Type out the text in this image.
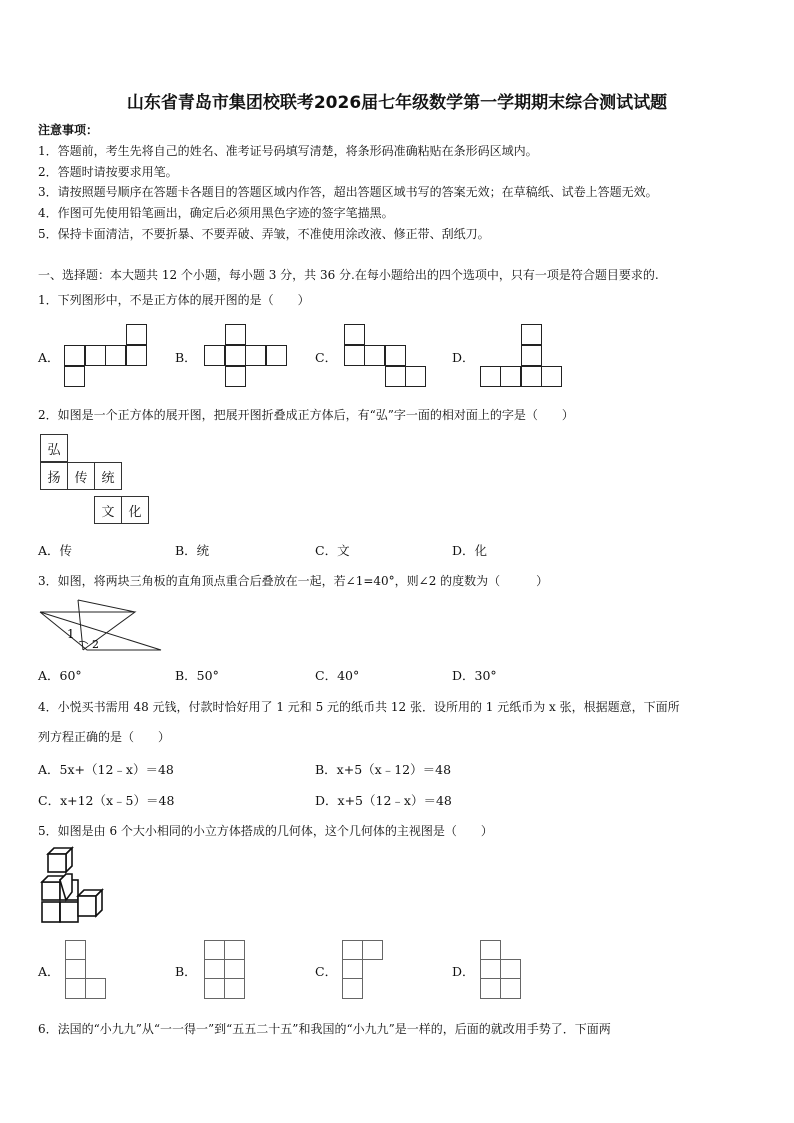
山东省青岛市集团校联考2026届七年级数学第一学期期末综合测试试题
注意事项：
1．答题前，考生先将自己的姓名、准考证号码填写清楚，将条形码准确粘贴在条形码区域内。
2．答题时请按要求用笔。
3．请按照题号顺序在答题卡各题目的答题区域内作答，超出答题区域书写的答案无效；在草稿纸、试卷上答题无效。
4．作图可先使用铅笔画出，确定后必须用黑色字迹的签字笔描黑。
5．保持卡面清洁，不要折暴、不要弄破、弄皱，不准使用涂改液、修正带、刮纸刀。
一、选择题：本大题共 12 个小题，每小题 3 分，共 36 分.在每小题给出的四个选项中，只有一项是符合题目要求的.
1．下列图形中，不是正方体的展开图的是（　　）
A．	B．	C．	D．
2．如图是一个正方体的展开图，把展开图折叠成正方体后，有“弘”字一面的相对面上的字是（　　）
弘
扬	传	统
文	化
A．传	B．统	C．文	D．化
3．如图，将两块三角板的直角顶点重合后叠放在一起，若∠1=40°，则∠2 的度数为（　　　）
1
2
A．60°	B．50°	C．40°	D．30°
4．小悦买书需用 48 元钱，付款时恰好用了 1 元和 5 元的纸币共 12 张．设所用的 1 元纸币为 x 张，根据题意，下面所
列方程正确的是（　　）
A．5x+（12﹣x）＝48	B．x+5（x﹣12）＝48
C．x+12（x﹣5）＝48	D．x+5（12﹣x）＝48
5．如图是由 6 个大小相同的小立方体搭成的几何体，这个几何体的主视图是（　　）
A．	B．	C．	D．
6．法国的“小九九”从“一一得一”到“五五二十五”和我国的“小九九”是一样的，后面的就改用手势了．下面两
